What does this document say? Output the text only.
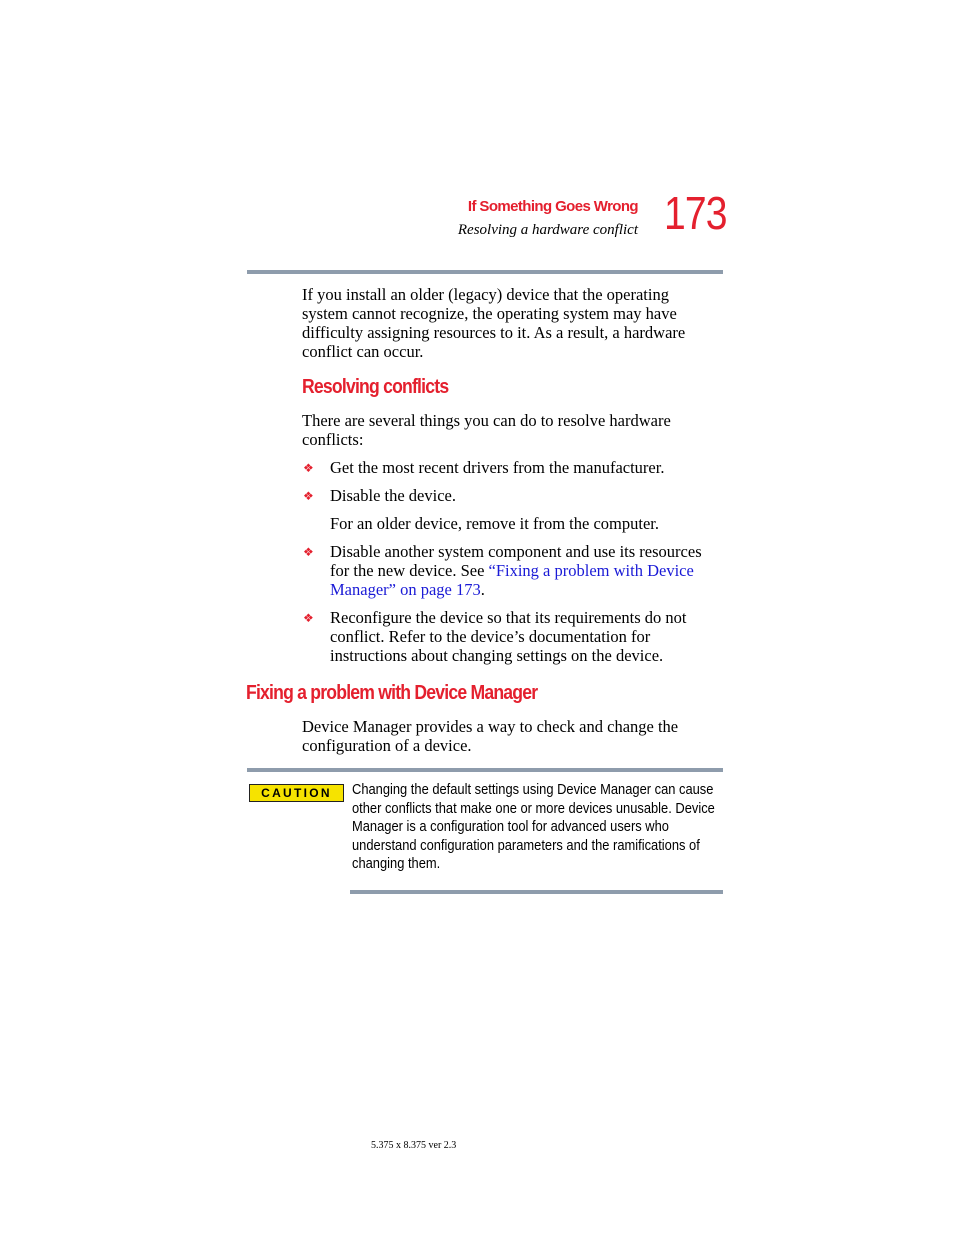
If Something Goes Wrong
Resolving a hardware conflict 173
If you install an older (legacy) device that the operating system cannot recognize, the operating system may have difficulty assigning resources to it. As a result, a hardware conflict can occur.
Resolving conflicts
There are several things you can do to resolve hardware conflicts:
❖ Get the most recent drivers from the manufacturer.
❖ Disable the device.
For an older device, remove it from the computer.
❖ Disable another system component and use its resources for the new device. See “Fixing a problem with Device Manager” on page 173.
❖ Reconfigure the device so that its requirements do not conflict. Refer to the device’s documentation for instructions about changing settings on the device.
Fixing a problem with Device Manager
Device Manager provides a way to check and change the configuration of a device.
CAUTION	Changing the default settings using Device Manager can cause other conflicts that make one or more devices unusable. Device Manager is a configuration tool for advanced users who understand configuration parameters and the ramifications of changing them.
5.375 x 8.375 ver 2.3
